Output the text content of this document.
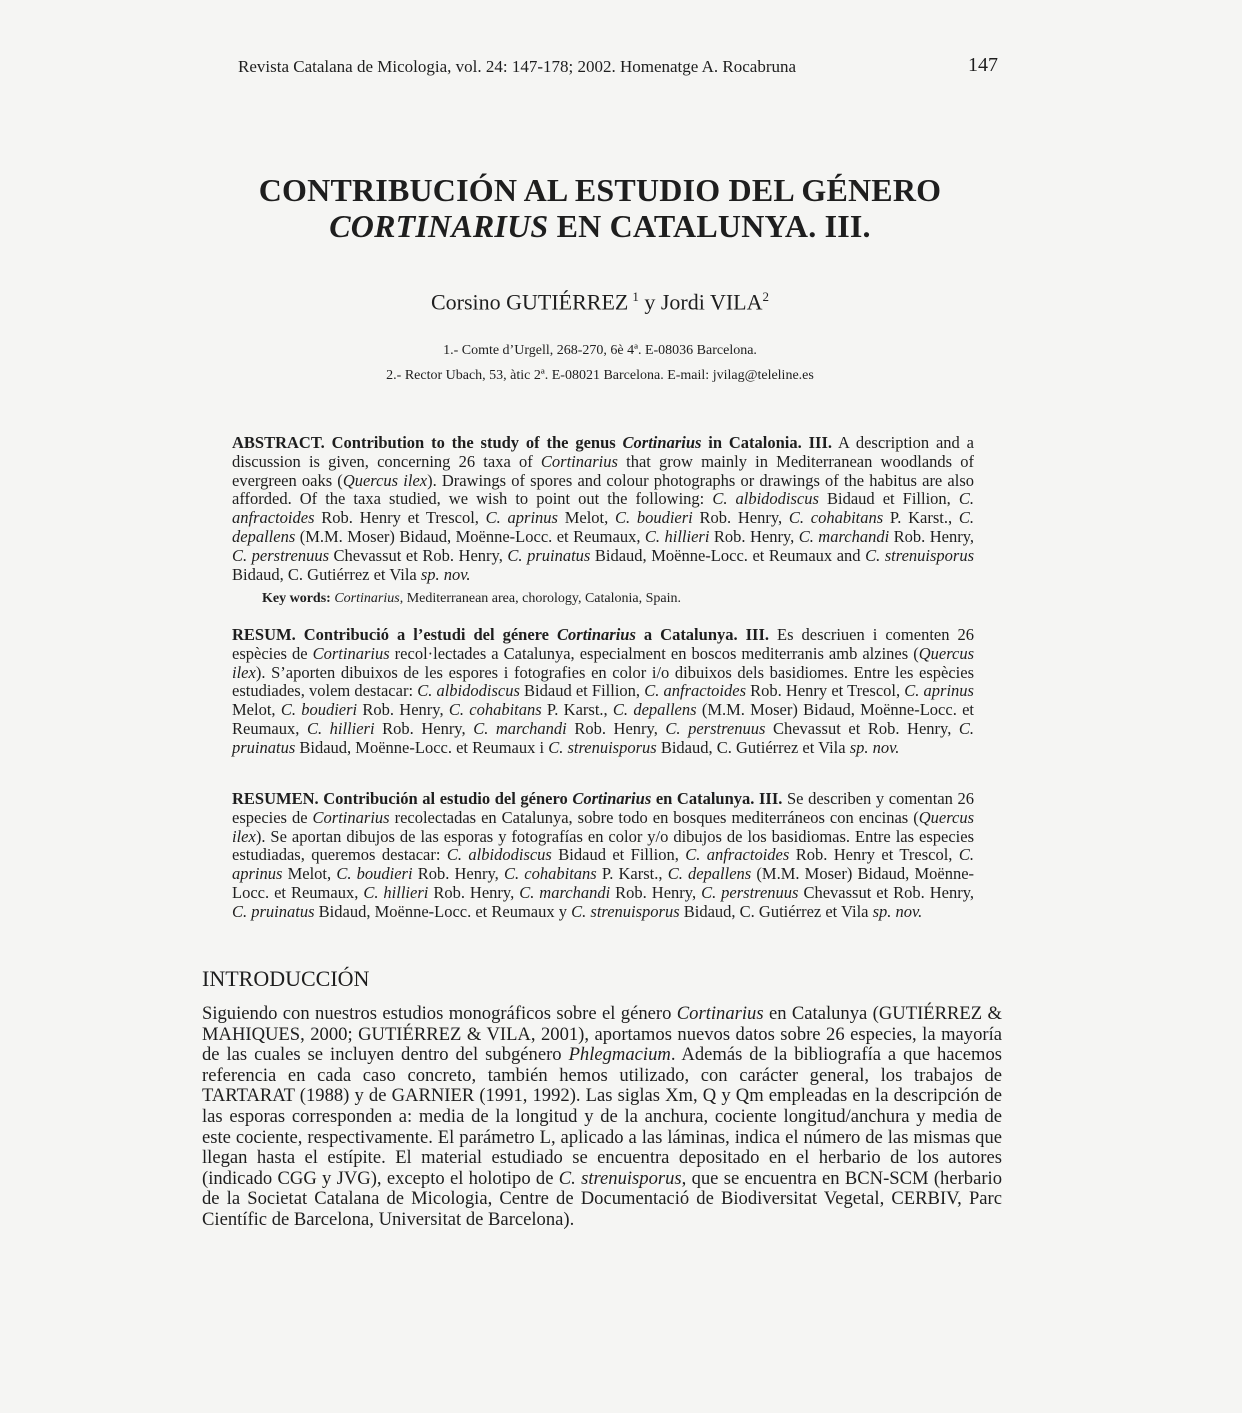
Revista Catalana de Micologia, vol. 24: 147-178; 2002. Homenatge A. Rocabruna	147
CONTRIBUCIÓN AL ESTUDIO DEL GÉNERO
CORTINARIUS EN CATALUNYA. III.
Corsino GUTIÉRREZ $^1$ y Jordi VILA$^2$
1.- Comte d’Urgell, 268-270, 6è 4ª. E-08036 Barcelona.
2.- Rector Ubach, 53, àtic 2ª. E-08021 Barcelona. E-mail: jvilag@teleline.es
ABSTRACT. Contribution to the study of the genus Cortinarius in Catalonia. III. A description and a discussion is given, concerning 26 taxa of Cortinarius that grow mainly in Mediterranean woodlands of evergreen oaks (Quercus ilex). Drawings of spores and colour photographs or drawings of the habitus are also afforded. Of the taxa studied, we wish to point out the following: C. albidodiscus Bidaud et Fillion, C. anfractoides Rob. Henry et Trescol, C. aprinus Melot, C. boudieri Rob. Henry, C. cohabitans P. Karst., C. depallens (M.M. Moser) Bidaud, Moënne-Locc. et Reumaux, C. hillieri Rob. Henry, C. marchandi Rob. Henry, C. perstrenuus Chevassut et Rob. Henry, C. pruinatus Bidaud, Moënne-Locc. et Reumaux and C. strenuisporus Bidaud, C. Gutiérrez et Vila sp. nov.
Key words: Cortinarius, Mediterranean area, chorology, Catalonia, Spain.
RESUM. Contribució a l’estudi del génere Cortinarius a Catalunya. III. Es descriuen i comenten 26 espècies de Cortinarius recol·lectades a Catalunya, especialment en boscos mediterranis amb alzines (Quercus ilex). S’aporten dibuixos de les espores i fotografies en color i/o dibuixos dels basidiomes. Entre les espècies estudiades, volem destacar: C. albidodiscus Bidaud et Fillion, C. anfractoides Rob. Henry et Trescol, C. aprinus Melot, C. boudieri Rob. Henry, C. cohabitans P. Karst., C. depallens (M.M. Moser) Bidaud, Moënne-Locc. et Reumaux, C. hillieri Rob. Henry, C. marchandi Rob. Henry, C. perstrenuus Chevassut et Rob. Henry, C. pruinatus Bidaud, Moënne-Locc. et Reumaux i C. strenuisporus Bidaud, C. Gutiérrez et Vila sp. nov.
RESUMEN. Contribución al estudio del género Cortinarius en Catalunya. III. Se describen y comentan 26 especies de Cortinarius recolectadas en Catalunya, sobre todo en bosques mediterráneos con encinas (Quercus ilex). Se aportan dibujos de las esporas y fotografías en color y/o dibujos de los basidiomas. Entre las especies estudiadas, queremos destacar: C. albidodiscus Bidaud et Fillion, C. anfractoides Rob. Henry et Trescol, C. aprinus Melot, C. boudieri Rob. Henry, C. cohabitans P. Karst., C. depallens (M.M. Moser) Bidaud, Moënne-Locc. et Reumaux, C. hillieri Rob. Henry, C. marchandi Rob. Henry, C. perstrenuus Chevassut et Rob. Henry, C. pruinatus Bidaud, Moënne-Locc. et Reumaux y C. strenuisporus Bidaud, C. Gutiérrez et Vila sp. nov.
INTRODUCCIÓN
Siguiendo con nuestros estudios monográficos sobre el género Cortinarius en Catalunya (GUTIÉRREZ & MAHIQUES, 2000; GUTIÉRREZ & VILA, 2001), aportamos nuevos datos sobre 26 especies, la mayoría de las cuales se incluyen dentro del subgénero Phlegmacium. Además de la bibliografía a que hacemos referencia en cada caso concreto, también hemos utilizado, con carácter general, los trabajos de TARTARAT (1988) y de GARNIER (1991, 1992). Las siglas Xm, Q y Qm empleadas en la descripción de las esporas corresponden a: media de la longitud y de la anchura, cociente longitud/anchura y media de este cociente, respectivamente. El parámetro L, aplicado a las láminas, indica el número de las mismas que llegan hasta el estípite. El material estudiado se encuentra depositado en el herbario de los autores (indicado CGG y JVG), excepto el holotipo de C. strenuisporus, que se encuentra en BCN-SCM (herbario de la Societat Catalana de Micologia, Centre de Documentació de Biodiversitat Vegetal, CERBIV, Parc Científic de Barcelona, Universitat de Barcelona).
